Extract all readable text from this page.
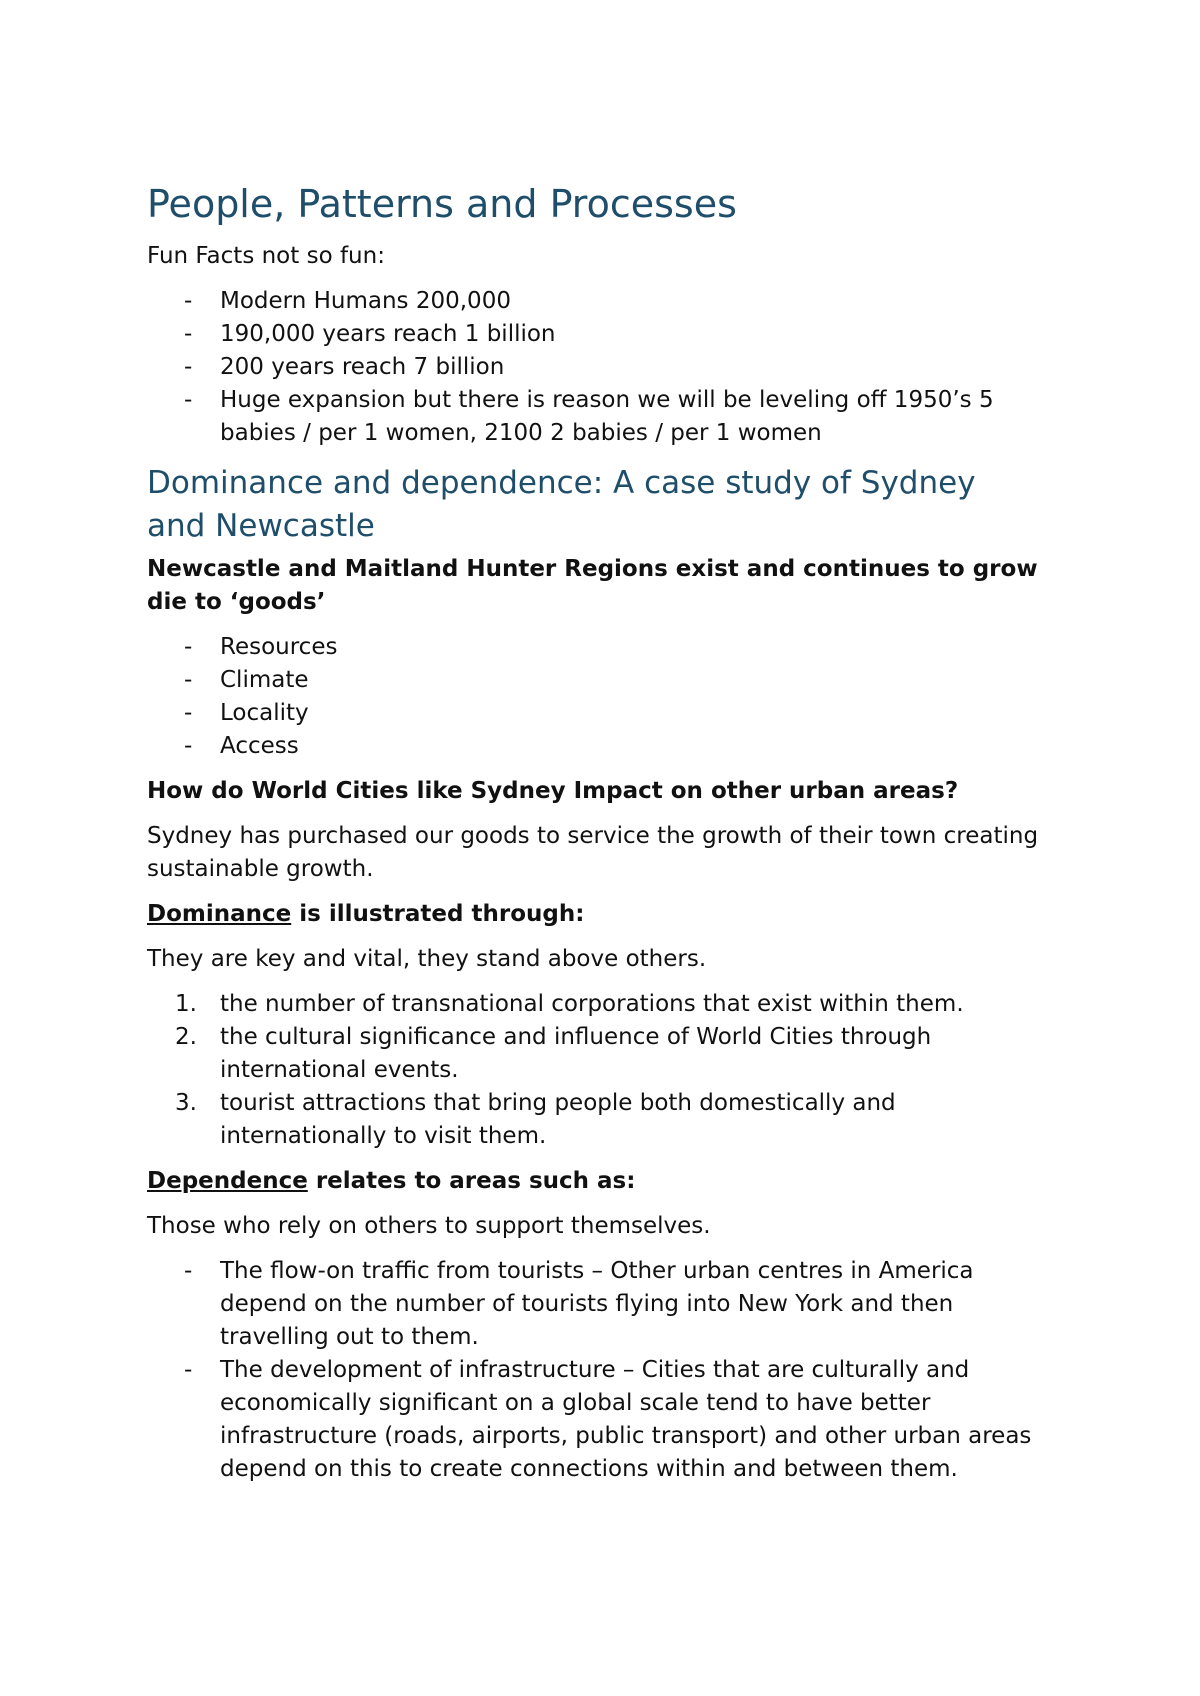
People, Patterns and Processes

Fun Facts not so fun:

- Modern Humans 200,000
- 190,000 years reach 1 billion
- 200 years reach 7 billion
- Huge expansion but there is reason we will be leveling off 1950’s 5 babies / per 1 women, 2100 2 babies / per 1 women
Dominance and dependence: A case study of Sydney and Newcastle

Newcastle and Maitland Hunter Regions exist and continues to grow die to ‘goods’

- Resources
- Climate
- Locality
- Access

How do World Cities like Sydney Impact on other urban areas?

Sydney has purchased our goods to service the growth of their town creating sustainable growth.

Dominance is illustrated through:

They are key and vital, they stand above others.

1. the number of transnational corporations that exist within them.
2. the cultural significance and influence of World Cities through international events.
3. tourist attractions that bring people both domestically and internationally to visit them.

Dependence relates to areas such as:

Those who rely on others to support themselves.

- The flow-on traffic from tourists – Other urban centres in America depend on the number of tourists flying into New York and then travelling out to them.
- The development of infrastructure – Cities that are culturally and economically significant on a global scale tend to have better infrastructure (roads, airports, public transport) and other urban areas depend on this to create connections within and between them.
